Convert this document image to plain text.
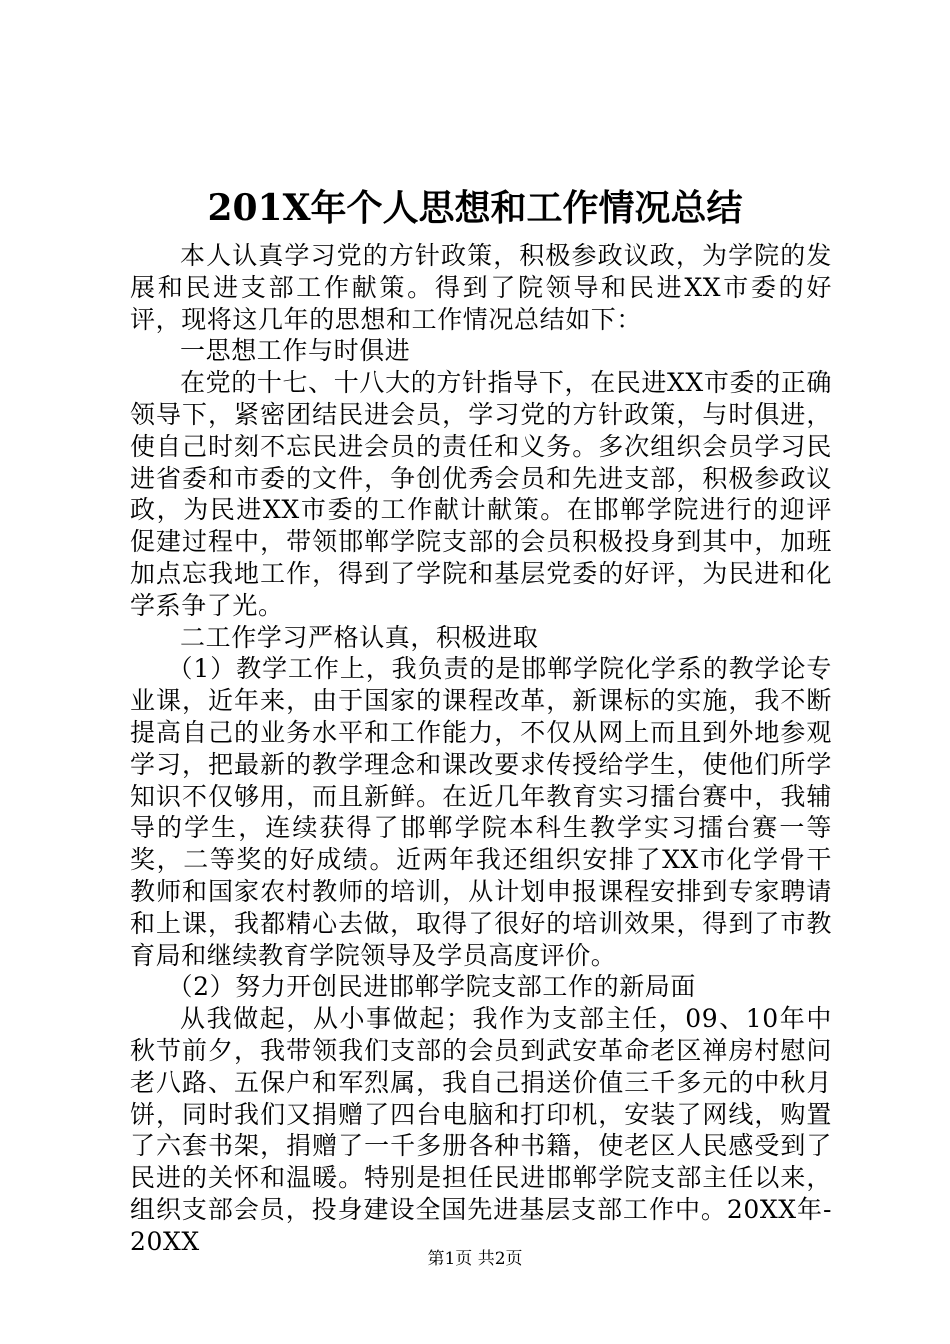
201X年个人思想和工作情况总结

本人认真学习党的方针政策，积极参政议政，为学院的发展和民进支部工作献策。得到了院领导和民进XX市委的好评，现将这几年的思想和工作情况总结如下：

一思想工作与时俱进

在党的十七、十八大的方针指导下，在民进XX市委的正确领导下，紧密团结民进会员，学习党的方针政策，与时俱进，使自己时刻不忘民进会员的责任和义务。多次组织会员学习民进省委和市委的文件，争创优秀会员和先进支部，积极参政议政，为民进XX市委的工作献计献策。在邯郸学院进行的迎评促建过程中，带领邯郸学院支部的会员积极投身到其中，加班加点忘我地工作，得到了学院和基层党委的好评，为民进和化学系争了光。

二工作学习严格认真，积极进取

（1）教学工作上，我负责的是邯郸学院化学系的教学论专业课，近年来，由于国家的课程改革，新课标的实施，我不断提高自己的业务水平和工作能力，不仅从网上而且到外地参观学习，把最新的教学理念和课改要求传授给学生，使他们所学知识不仅够用，而且新鲜。在近几年教育实习擂台赛中，我辅导的学生，连续获得了邯郸学院本科生教学实习擂台赛一等奖，二等奖的好成绩。近两年我还组织安排了XX市化学骨干教师和国家农村教师的培训，从计划申报课程安排到专家聘请和上课，我都精心去做，取得了很好的培训效果，得到了市教育局和继续教育学院领导及学员高度评价。

（2）努力开创民进邯郸学院支部工作的新局面

从我做起，从小事做起；我作为支部主任，09、10年中秋节前夕，我带领我们支部的会员到武安革命老区禅房村慰问老八路、五保户和军烈属，我自己捐送价值三千多元的中秋月饼，同时我们又捐赠了四台电脑和打印机，安装了网线，购置了六套书架，捐赠了一千多册各种书籍，使老区人民感受到了民进的关怀和温暖。特别是担任民进邯郸学院支部主任以来，组织支部会员，投身建设全国先进基层支部工作中。20XX年-20XX

第1页 共2页
